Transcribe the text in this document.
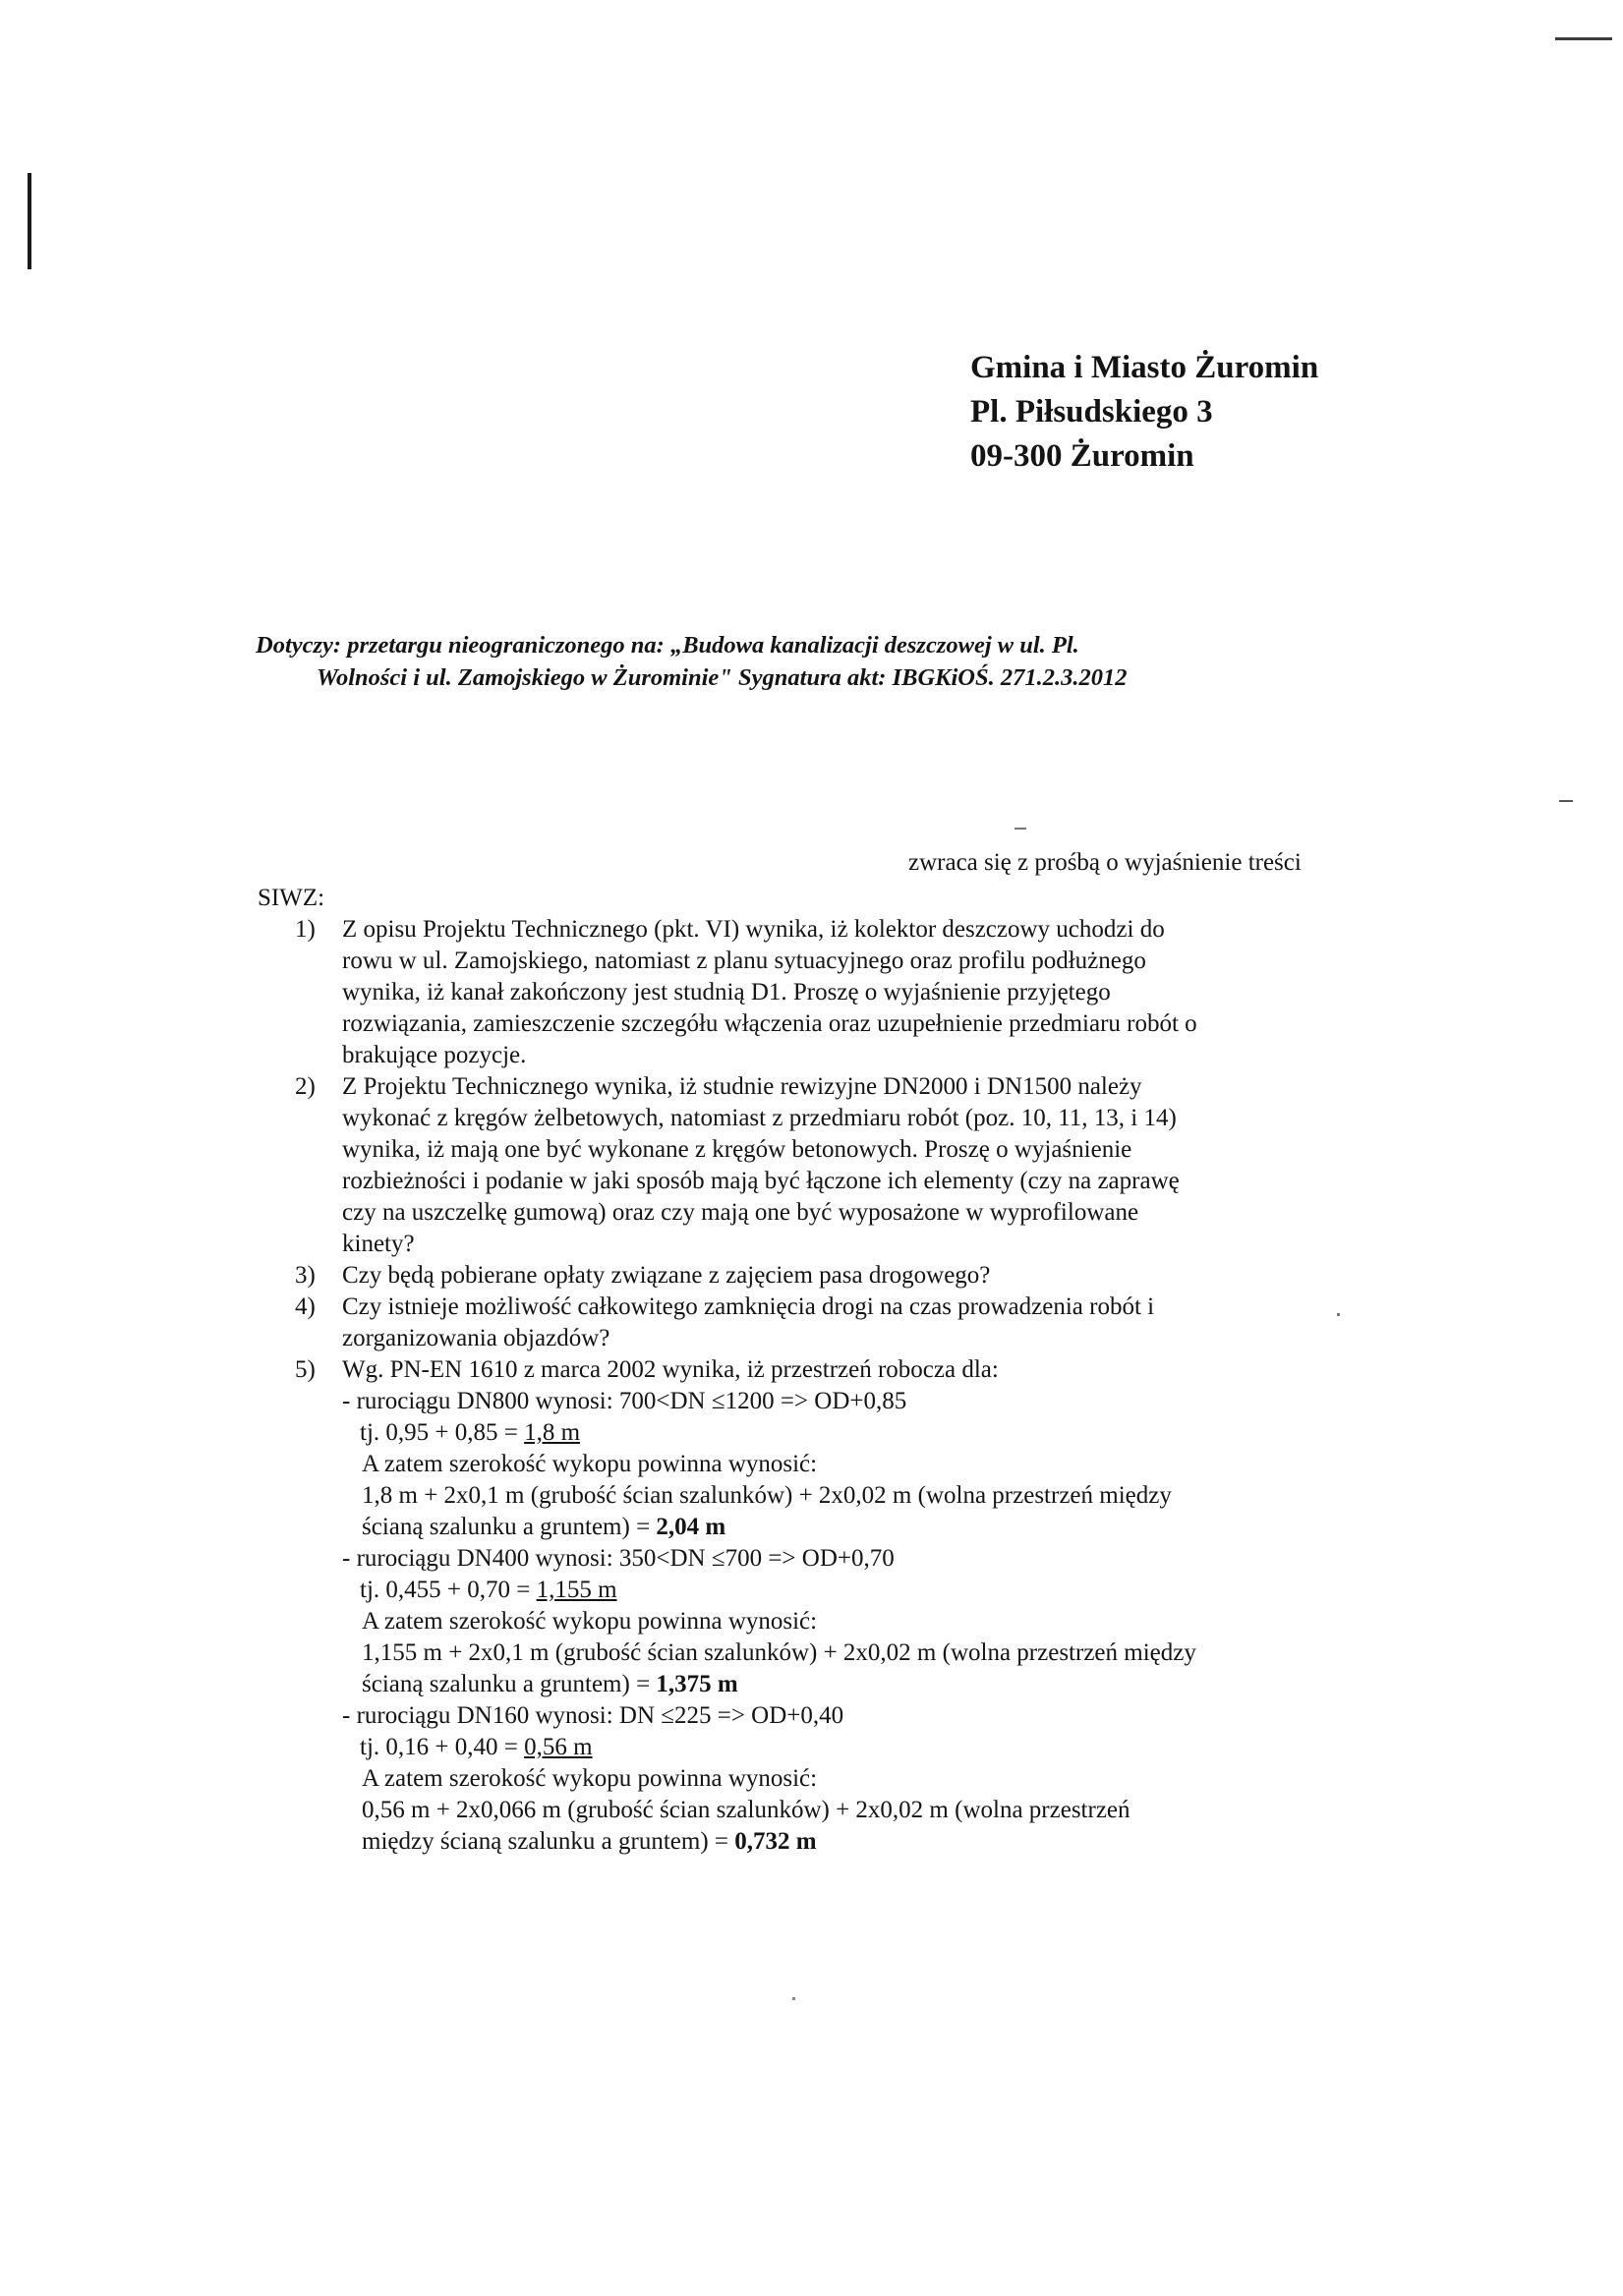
Gmina i Miasto Żuromin
Pl. Piłsudskiego 3
09-300 Żuromin
Dotyczy: przetargu nieograniczonego na: „Budowa kanalizacji deszczowej w ul. Pl.
Wolności i ul. Zamojskiego w Żurominie" Sygnatura akt: IBGKiOŚ. 271.2.3.2012
zwraca się z prośbą o wyjaśnienie treści
SIWZ:
1) Z opisu Projektu Technicznego (pkt. VI) wynika, iż kolektor deszczowy uchodzi do
rowu w ul. Zamojskiego, natomiast z planu sytuacyjnego oraz profilu podłużnego
wynika, iż kanał zakończony jest studnią D1. Proszę o wyjaśnienie przyjętego
rozwiązania, zamieszczenie szczegółu włączenia oraz uzupełnienie przedmiaru robót o
brakujące pozycje.
2) Z Projektu Technicznego wynika, iż studnie rewizyjne DN2000 i DN1500 należy
wykonać z kręgów żelbetowych, natomiast z przedmiaru robót (poz. 10, 11, 13, i 14)
wynika, iż mają one być wykonane z kręgów betonowych. Proszę o wyjaśnienie
rozbieżności i podanie w jaki sposób mają być łączone ich elementy (czy na zaprawę
czy na uszczelkę gumową) oraz czy mają one być wyposażone w wyprofilowane
kinety?
3) Czy będą pobierane opłaty związane z zajęciem pasa drogowego?
4) Czy istnieje możliwość całkowitego zamknięcia drogi na czas prowadzenia robót i
zorganizowania objazdów?
5) Wg. PN-EN 1610 z marca 2002 wynika, iż przestrzeń robocza dla:
- rurociągu DN800 wynosi: 700<DN ≤1200 => OD+0,85
tj. 0,95 + 0,85 = 1,8 m
A zatem szerokość wykopu powinna wynosić:
1,8 m + 2x0,1 m (grubość ścian szalunków) + 2x0,02 m (wolna przestrzeń między
ścianą szalunku a gruntem) = 2,04 m
- rurociągu DN400 wynosi: 350<DN ≤700 => OD+0,70
tj. 0,455 + 0,70 = 1,155 m
A zatem szerokość wykopu powinna wynosić:
1,155 m + 2x0,1 m (grubość ścian szalunków) + 2x0,02 m (wolna przestrzeń między
ścianą szalunku a gruntem) = 1,375 m
- rurociągu DN160 wynosi: DN ≤225 => OD+0,40
tj. 0,16 + 0,40 = 0,56 m
A zatem szerokość wykopu powinna wynosić:
0,56 m + 2x0,066 m (grubość ścian szalunków) + 2x0,02 m (wolna przestrzeń
między ścianą szalunku a gruntem) = 0,732 m
